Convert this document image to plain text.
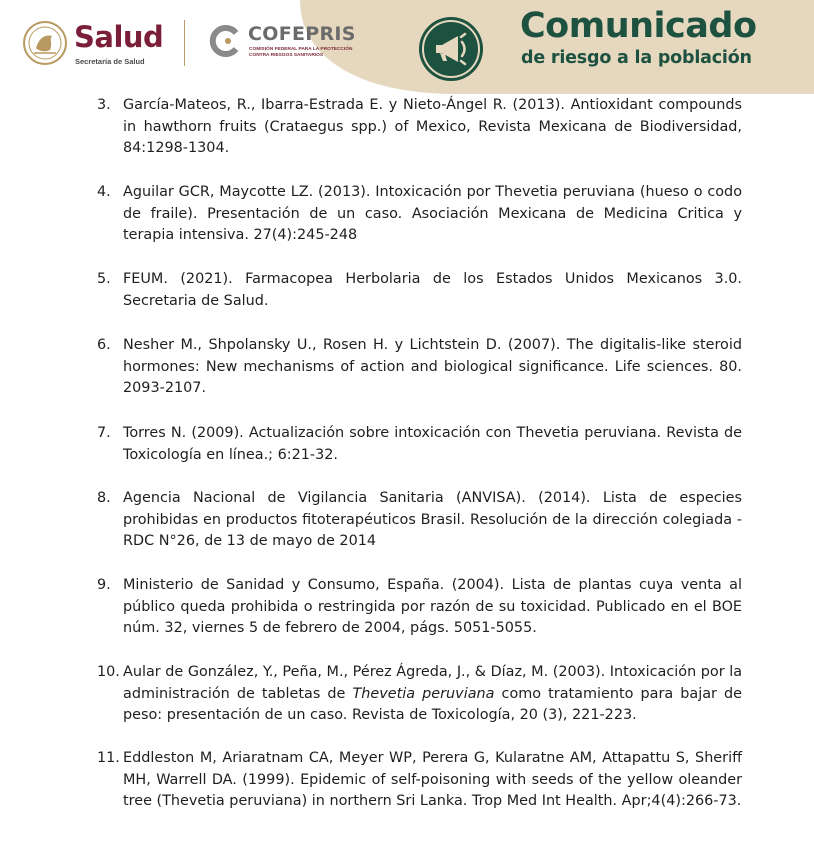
Salud
Secretaría de Salud
COFEPRIS
COMISIÓN FEDERAL PARA LA PROTECCIÓN
CONTRA RIESGOS SANITARIOS
Comunicado
de riesgo a la población
3. García-Mateos, R., Ibarra-Estrada E. y Nieto-Ángel R. (2013). Antioxidant compounds in hawthorn fruits (Crataegus spp.) of Mexico, Revista Mexicana de Biodiversidad, 84:1298-1304.
4. Aguilar GCR, Maycotte LZ. (2013). Intoxicación por Thevetia peruviana (hueso o codo de fraile). Presentación de un caso. Asociación Mexicana de Medicina Critica y terapia intensiva. 27(4):245-248
5. FEUM. (2021). Farmacopea Herbolaria de los Estados Unidos Mexicanos 3.0. Secretaria de Salud.
6. Nesher M., Shpolansky U., Rosen H. y Lichtstein D. (2007). The digitalis-like steroid hormones: New mechanisms of action and biological significance. Life sciences. 80. 2093-2107.
7. Torres N. (2009). Actualización sobre intoxicación con Thevetia peruviana. Revista de Toxicología en línea.; 6:21-32.
8. Agencia Nacional de Vigilancia Sanitaria (ANVISA). (2014). Lista de especies prohibidas en productos fitoterapéuticos Brasil. Resolución de la dirección colegiada - RDC N°26, de 13 de mayo de 2014
9. Ministerio de Sanidad y Consumo, España. (2004). Lista de plantas cuya venta al público queda prohibida o restringida por razón de su toxicidad. Publicado en el BOE núm. 32, viernes 5 de febrero de 2004, págs. 5051-5055.
10. Aular de González, Y., Peña, M., Pérez Ágreda, J., & Díaz, M. (2003). Intoxicación por la administración de tabletas de Thevetia peruviana como tratamiento para bajar de peso: presentación de un caso. Revista de Toxicología, 20 (3), 221-223.
11. Eddleston M, Ariaratnam CA, Meyer WP, Perera G, Kularatne AM, Attapattu S, Sheriff MH, Warrell DA. (1999). Epidemic of self-poisoning with seeds of the yellow oleander tree (Thevetia peruviana) in northern Sri Lanka. Trop Med Int Health. Apr;4(4):266-73.
